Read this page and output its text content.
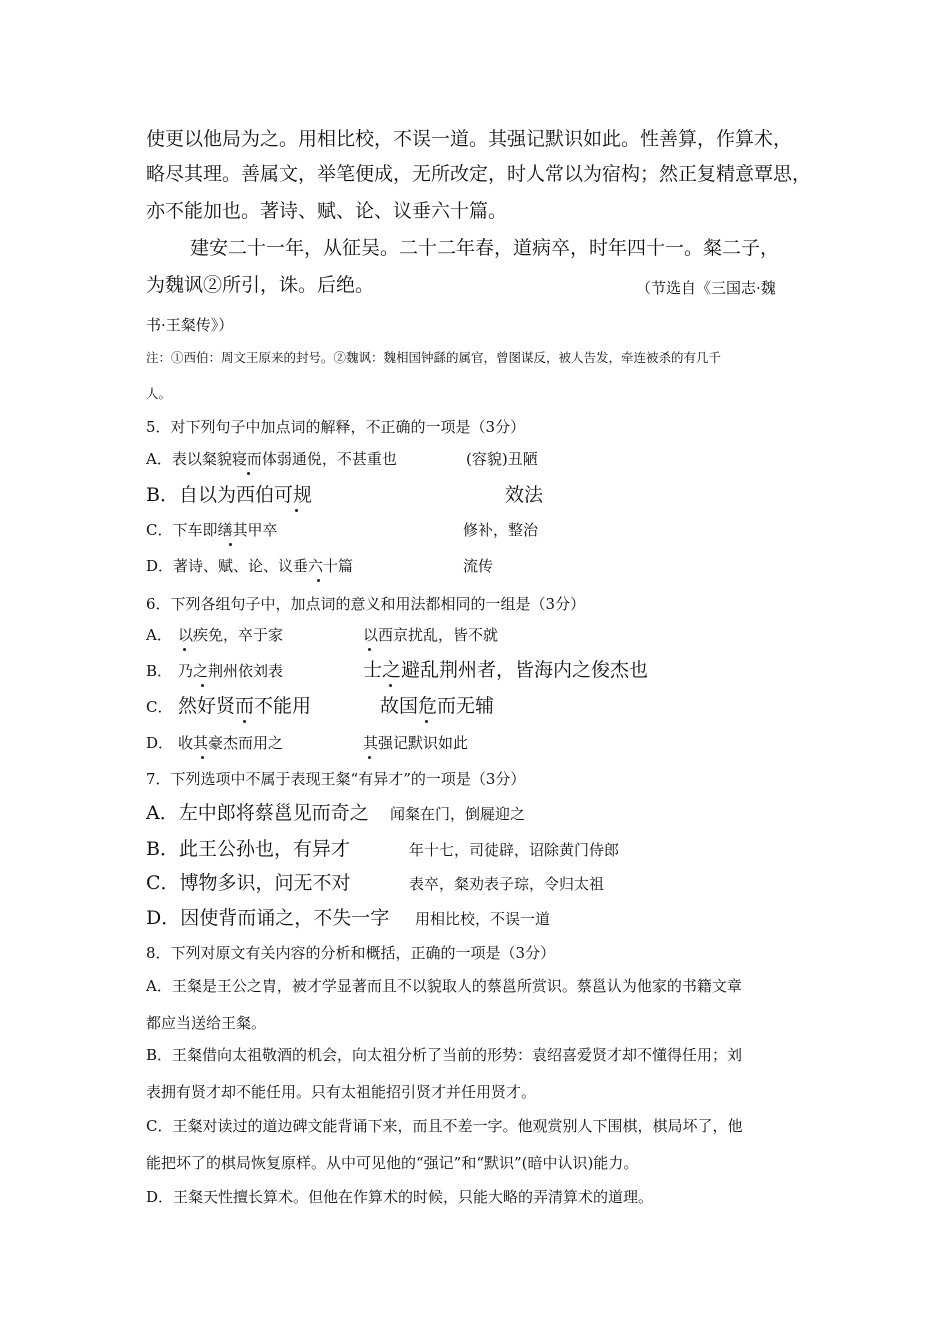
使更以他局为之。用相比校，不误一道。其强记默识如此。性善算，作算术，
略尽其理。善属文，举笔便成，无所改定，时人常以为宿构；然正复精意覃思，
亦不能加也。著诗、赋、论、议垂六十篇。
建安二十一年，从征吴。二十二年春，道病卒，时年四十一。粲二子，
为魏讽②所引，诛。后绝。	（节选自《三国志·魏
书·王粲传》）
注：①西伯：周文王原来的封号。②魏讽：魏相国钟繇的属官，曾图谋反，被人告发，牵连被杀的有几千
人。
5．对下列句子中加点词的解释，不正确的一项是（3分）
A．表以粲貌寝而体弱通侻，不甚重也	(容貌)丑陋
B．自以为西伯可规	效法
C．下车即缮其甲卒	修补，整治
D．著诗、赋、论、议垂六十篇	流传
6．下列各组句子中，加点词的意义和用法都相同的一组是（3分）
A． 以疾免，卒于家	以西京扰乱，皆不就
B． 乃之荆州依刘表	士之避乱荆州者，皆海内之俊杰也
C． 然好贤而不能用	故国危而无辅
D． 收其豪杰而用之	其强记默识如此
7．下列选项中不属于表现王粲“有异才”的一项是（3分）
A．左中郎将蔡邕见而奇之 闻粲在门，倒屣迎之
B．此王公孙也，有异才	年十七，司徒辟，诏除黄门侍郎
C．博物多识，问无不对	表卒，粲劝表子琮，令归太祖
D．因使背而诵之，不失一字 用相比校，不误一道
8．下列对原文有关内容的分析和概括，正确的一项是（3分）
A．王粲是王公之胄，被才学显著而且不以貌取人的蔡邕所赏识。蔡邕认为他家的书籍文章
都应当送给王粲。
B．王粲借向太祖敬酒的机会，向太祖分析了当前的形势：袁绍喜爱贤才却不懂得任用；刘
表拥有贤才却不能任用。只有太祖能招引贤才并任用贤才。
C．王粲对读过的道边碑文能背诵下来，而且不差一字。他观赏别人下围棋，棋局坏了，他
能把坏了的棋局恢复原样。从中可见他的“强记”和“默识”(暗中认识)能力。
D．王粲天性擅长算术。但他在作算术的时候，只能大略的弄清算术的道理。
